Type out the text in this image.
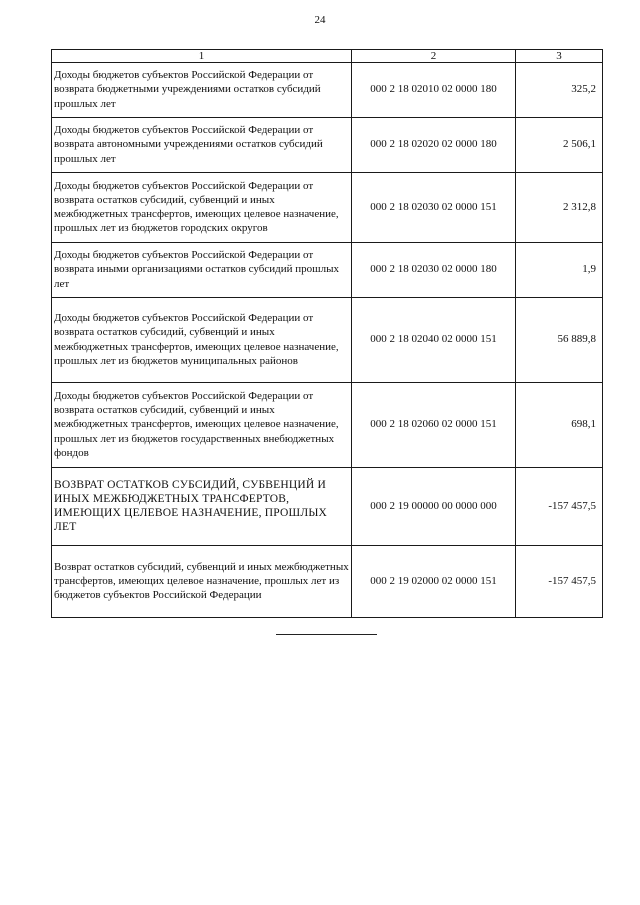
24
1	2	3
Доходы бюджетов субъектов Российской Федерации от возврата бюджетными учреждениями остатков субсидий прошлых лет	000 2 18 02010 02 0000 180	325,2
Доходы бюджетов субъектов Российской Федерации от возврата автономными учреждениями остатков субсидий прошлых лет	000 2 18 02020 02 0000 180	2 506,1
Доходы бюджетов субъектов Российской Федерации от возврата остатков субсидий, субвенций и иных межбюджетных трансфертов, имеющих целевое назначение, прошлых лет из бюджетов городских округов	000 2 18 02030 02 0000 151	2 312,8
Доходы бюджетов субъектов Российской Федерации от возврата иными организациями остатков субсидий прошлых лет	000 2 18 02030 02 0000 180	1,9
Доходы бюджетов субъектов Российской Федерации от возврата остатков субсидий, субвенций и иных межбюджетных трансфертов, имеющих целевое назначение, прошлых лет из бюджетов муниципальных районов	000 2 18 02040 02 0000 151	56 889,8
Доходы бюджетов субъектов Российской Федерации от возврата остатков субсидий, субвенций и иных межбюджетных трансфертов, имеющих целевое назначение, прошлых лет из бюджетов государственных внебюджетных фондов	000 2 18 02060 02 0000 151	698,1
ВОЗВРАТ ОСТАТКОВ СУБСИДИЙ, СУБВЕНЦИЙ И ИНЫХ МЕЖБЮДЖЕТНЫХ ТРАНСФЕРТОВ, ИМЕЮЩИХ ЦЕЛЕВОЕ НАЗНАЧЕНИЕ, ПРОШЛЫХ ЛЕТ	000 2 19 00000 00 0000 000	-157 457,5
Возврат остатков субсидий, субвенций и иных межбюджетных трансфертов, имеющих целевое назначение, прошлых лет из бюджетов субъектов Российской Федерации	000 2 19 02000 02 0000 151	-157 457,5
